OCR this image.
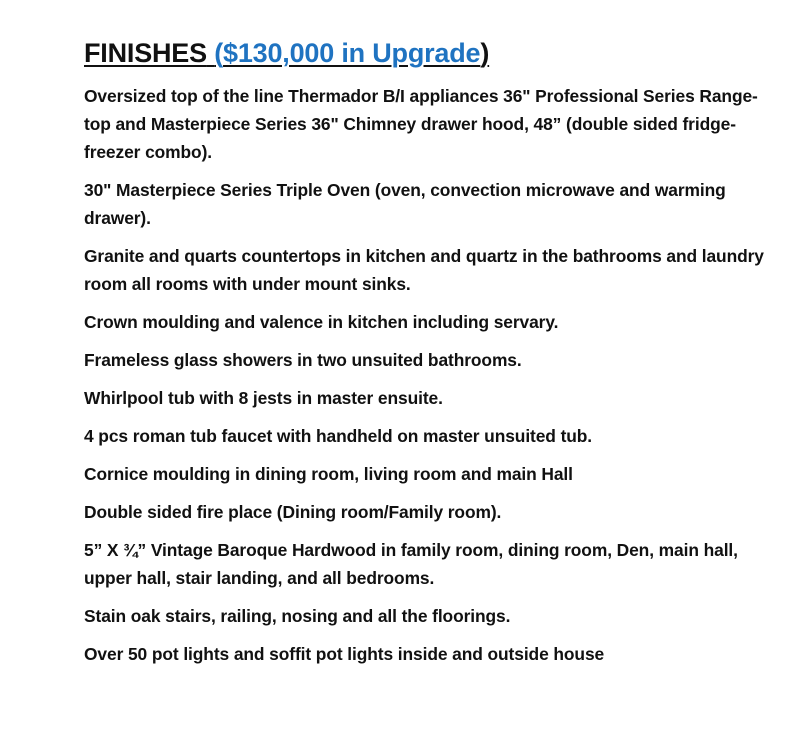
FINISHES ($130,000 in Upgrade)
Oversized top of the line Thermador B/I appliances 36" Professional Series Range-top and Masterpiece Series 36" Chimney drawer hood, 48” (double sided fridge-freezer combo).
30" Masterpiece Series Triple Oven (oven, convection microwave and warming drawer).
Granite and quarts countertops in kitchen and quartz in the bathrooms and laundry room all rooms with under mount sinks.
Crown moulding and valence in kitchen including servary.
Frameless glass showers in two unsuited bathrooms.
Whirlpool tub with 8 jests in master ensuite.
4 pcs roman tub faucet with handheld on master unsuited tub.
Cornice moulding in dining room, living room and main Hall
Double sided fire place (Dining room/Family room).
5” X ¾” Vintage Baroque Hardwood in family room, dining room, Den, main hall, upper hall, stair landing, and all bedrooms.
Stain oak stairs, railing, nosing and all the floorings.
Over 50 pot lights and soffit pot lights inside and outside house
